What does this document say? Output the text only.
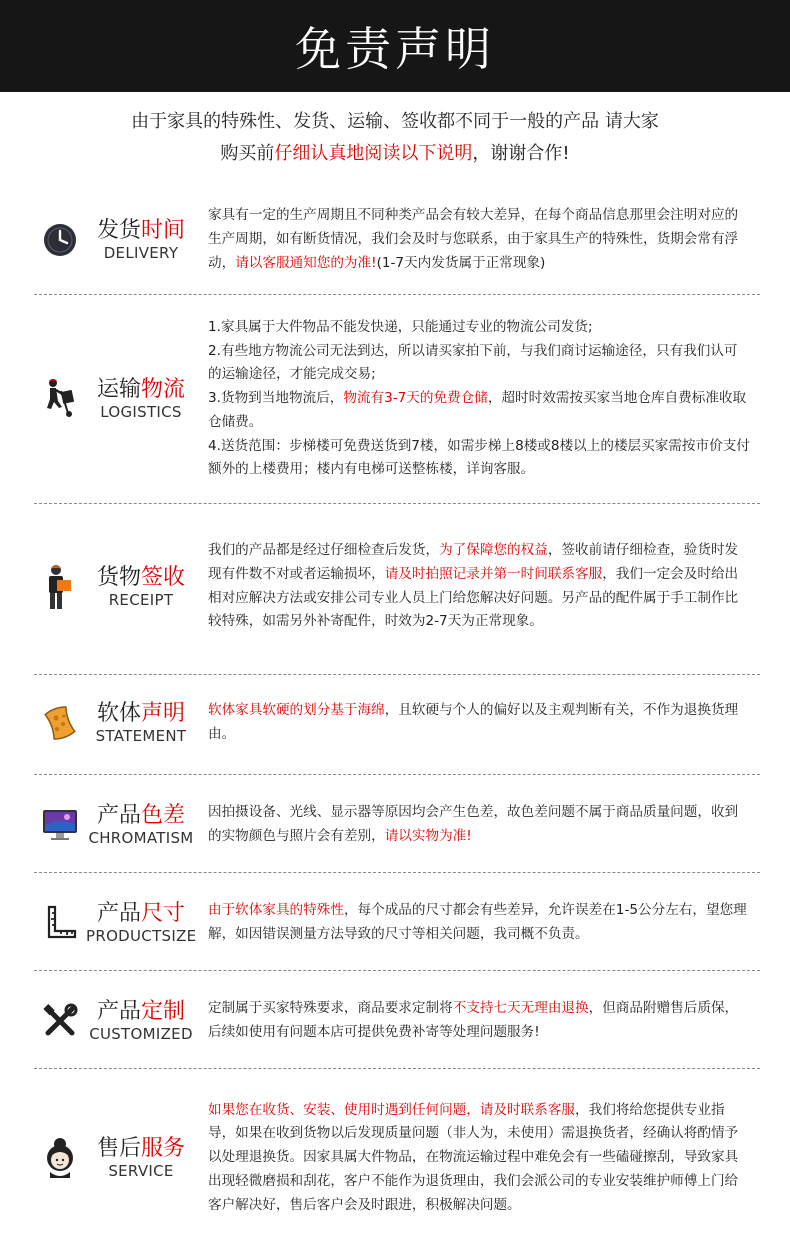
免责声明

由于家具的特殊性、发货、运输、签收都不同于一般的产品 请大家

购买前仔细认真地阅读以下说明，谢谢合作!

发货时间
DELIVERY
家具有一定的生产周期且不同种类产品会有较大差异，在每个商品信息那里会注明对应的生产周期，如有断货情况，我们会及时与您联系，由于家具生产的特殊性，货期会常有浮动，请以客服通知您的为准!(1-7天内发货属于正常现象)
运输物流
LOGISTICS
1.家具属于大件物品不能发快递，只能通过专业的物流公司发货;
2.有些地方物流公司无法到达，所以请买家拍下前，与我们商讨运输途径，只有我们认可的运输途径，才能完成交易;
3.货物到当地物流后，物流有3-7天的免费仓储，超时时效需按买家当地仓库自费标准收取仓储费。
4.送货范围：步梯楼可免费送货到7楼，如需步梯上8楼或8楼以上的楼层买家需按市价支付额外的上楼费用；楼内有电梯可送整栋楼，详询客服。
货物签收
RECEIPT
我们的产品都是经过仔细检查后发货，为了保障您的权益，签收前请仔细检查，验货时发现有件数不对或者运输损坏，请及时拍照记录并第一时间联系客服，我们一定会及时给出相对应解决方法或安排公司专业人员上门给您解决好问题。另产品的配件属于手工制作比较特殊，如需另外补寄配件，时效为2-7天为正常现象。
软体声明
STATEMENT
软体家具软硬的划分基于海绵，且软硬与个人的偏好以及主观判断有关，不作为退换货理由。
产品色差
CHROMATISM
因拍摄设备、光线、显示器等原因均会产生色差，故色差问题不属于商品质量问题，收到的实物颜色与照片会有差别，请以实物为准!
产品尺寸
PRODUCTSIZE
由于软体家具的特殊性，每个成品的尺寸都会有些差异，允许误差在1-5公分左右，望您理解，如因错误测量方法导致的尺寸等相关问题，我司概不负责。
产品定制
CUSTOMIZED
定制属于买家特殊要求，商品要求定制将不支持七天无理由退换，但商品附赠售后质保，后续如使用有问题本店可提供免费补寄等处理问题服务!
售后服务
SERVICE
如果您在收货、安装、使用时遇到任何问题，请及时联系客服，我们将给您提供专业指导，如果在收到货物以后发现质量问题（非人为，未使用）需退换货者，经确认将酌情予以处理退换货。因家具属大件物品，在物流运输过程中难免会有一些磕碰擦刮，导致家具出现轻微磨损和刮花，客户不能作为退货理由，我们会派公司的专业安装维护师傅上门给客户解决好，售后客户会及时跟进，积极解决问题。
